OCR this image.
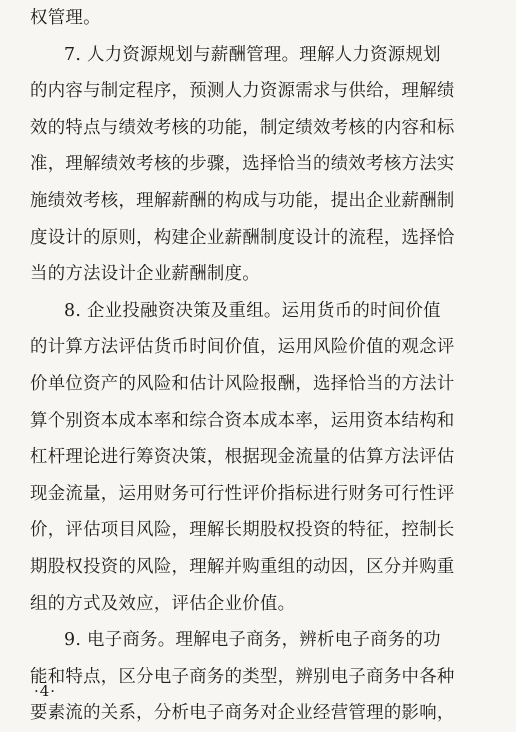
权管理。
7. 人力资源规划与薪酬管理。理解人力资源规划
的内容与制定程序，预测人力资源需求与供给，理解绩
效的特点与绩效考核的功能，制定绩效考核的内容和标
准，理解绩效考核的步骤，选择恰当的绩效考核方法实
施绩效考核，理解薪酬的构成与功能，提出企业薪酬制
度设计的原则，构建企业薪酬制度设计的流程，选择恰
当的方法设计企业薪酬制度。
8. 企业投融资决策及重组。运用货币的时间价值
的计算方法评估货币时间价值，运用风险价值的观念评
价单位资产的风险和估计风险报酬，选择恰当的方法计
算个别资本成本率和综合资本成本率，运用资本结构和
杠杆理论进行筹资决策，根据现金流量的估算方法评估
现金流量，运用财务可行性评价指标进行财务可行性评
价，评估项目风险，理解长期股权投资的特征，控制长
期股权投资的风险，理解并购重组的动因，区分并购重
组的方式及效应，评估企业价值。
9. 电子商务。理解电子商务，辨析电子商务的功
能和特点，区分电子商务的类型，辨别电子商务中各种
要素流的关系，分析电子商务对企业经营管理的影响，
·4·
